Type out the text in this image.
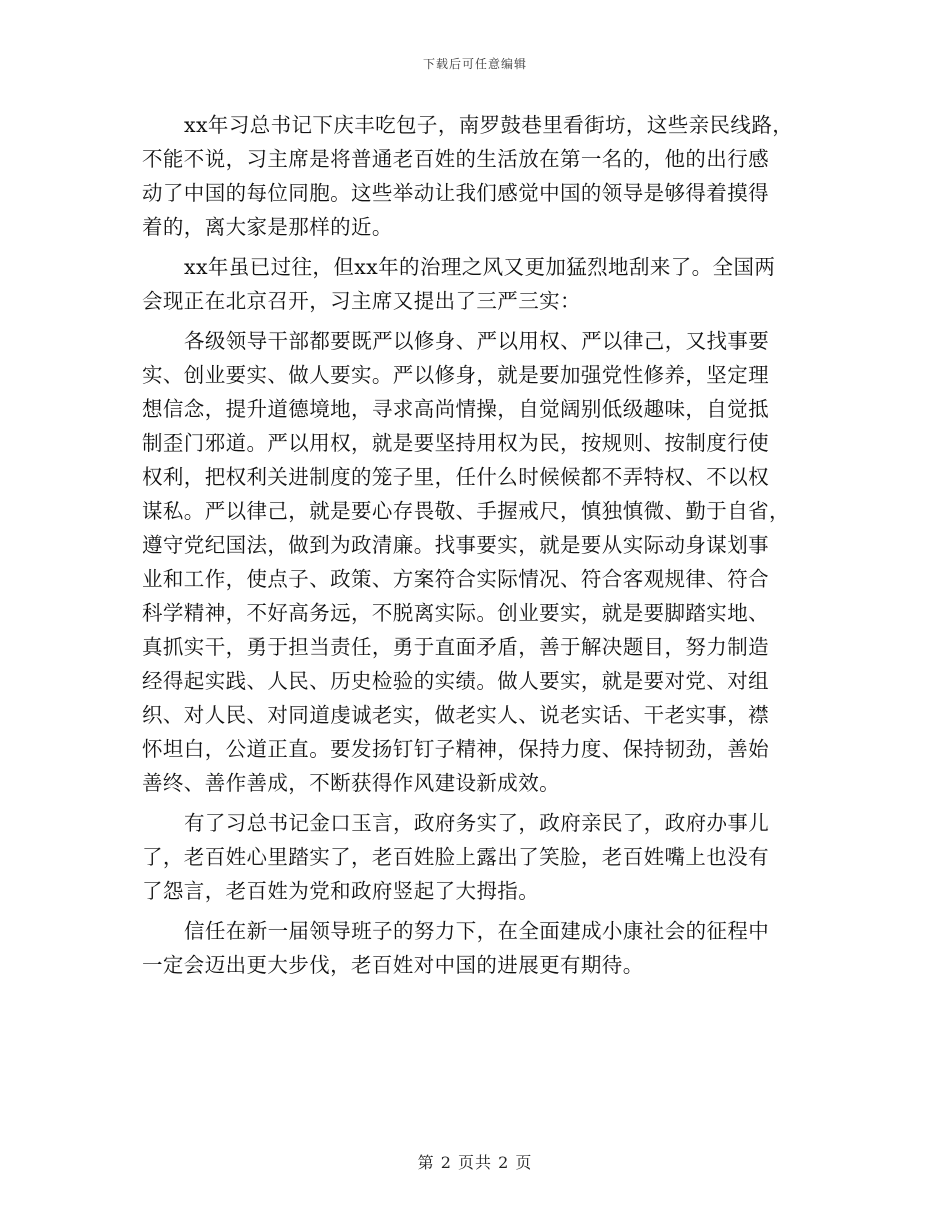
下载后可任意编辑
xx年习总书记下庆丰吃包子，南罗鼓巷里看街坊，这些亲民线路，
不能不说，习主席是将普通老百姓的生活放在第一名的，他的出行感
动了中国的每位同胞。这些举动让我们感觉中国的领导是够得着摸得
着的，离大家是那样的近。
xx年虽已过往，但xx年的治理之风又更加猛烈地刮来了。全国两
会现正在北京召开，习主席又提出了三严三实：
各级领导干部都要既严以修身、严以用权、严以律己，又找事要
实、创业要实、做人要实。严以修身，就是要加强党性修养，坚定理
想信念，提升道德境地，寻求高尚情操，自觉阔别低级趣味，自觉抵
制歪门邪道。严以用权，就是要坚持用权为民，按规则、按制度行使
权利，把权利关进制度的笼子里，任什么时候候都不弄特权、不以权
谋私。严以律己，就是要心存畏敬、手握戒尺，慎独慎微、勤于自省，
遵守党纪国法，做到为政清廉。找事要实，就是要从实际动身谋划事
业和工作，使点子、政策、方案符合实际情况、符合客观规律、符合
科学精神，不好高务远，不脱离实际。创业要实，就是要脚踏实地、
真抓实干，勇于担当责任，勇于直面矛盾，善于解决题目，努力制造
经得起实践、人民、历史检验的实绩。做人要实，就是要对党、对组
织、对人民、对同道虔诚老实，做老实人、说老实话、干老实事，襟
怀坦白，公道正直。要发扬钉钉子精神，保持力度、保持韧劲，善始
善终、善作善成，不断获得作风建设新成效。
有了习总书记金口玉言，政府务实了，政府亲民了，政府办事儿
了，老百姓心里踏实了，老百姓脸上露出了笑脸，老百姓嘴上也没有
了怨言，老百姓为党和政府竖起了大拇指。
信任在新一届领导班子的努力下，在全面建成小康社会的征程中
一定会迈出更大步伐，老百姓对中国的进展更有期待。
第 2 页共 2 页
